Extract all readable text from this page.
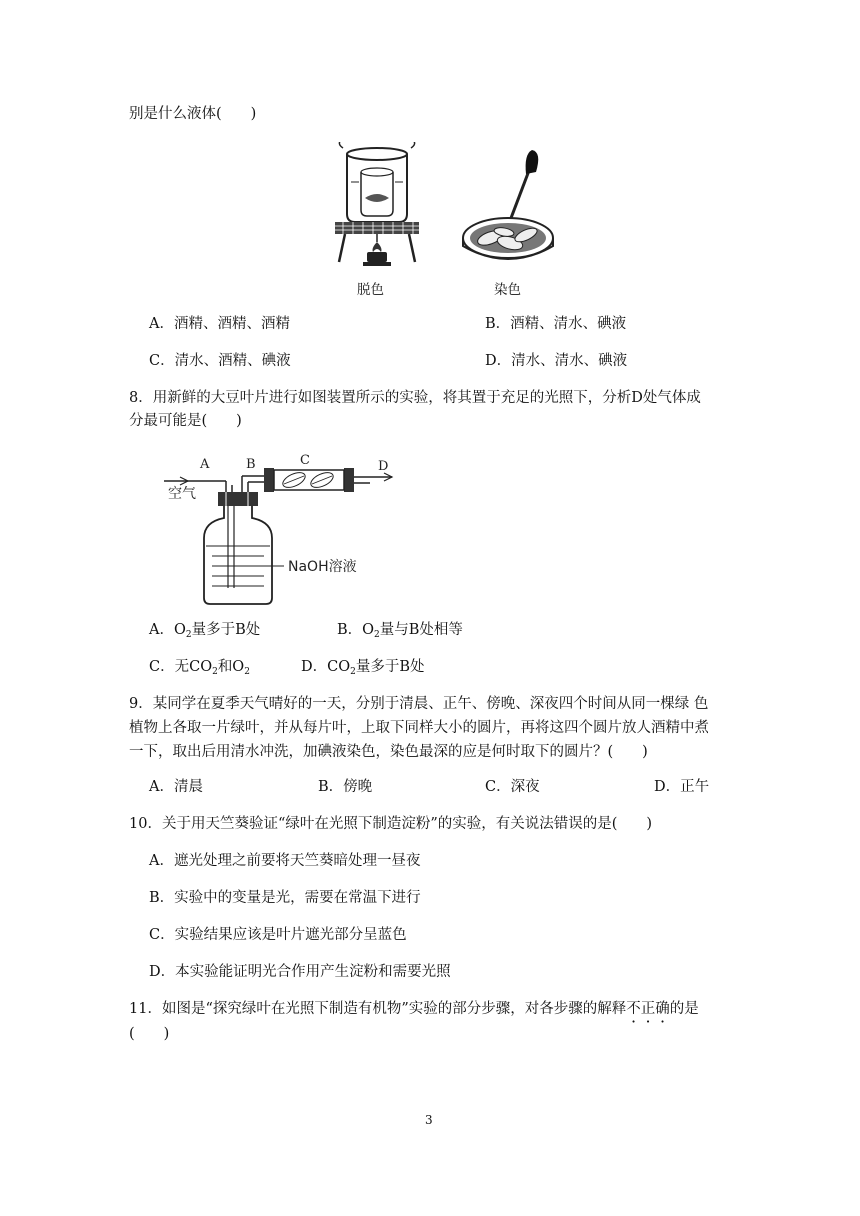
别是什么液体(　　)
脱色	染色
A．酒精、酒精、酒精	B．酒精、清水、碘液
C．清水、酒精、碘液	D．清水、清水、碘液
8．用新鲜的大豆叶片进行如图装置所示的实验，将其置于充足的光照下，分析D处气体成
分最可能是(　　)
A	B	C	D
空气
NaOH溶液
A．$O_2$量多于B处	B．$O_2$量与B处相等
C．无$CO_2$和$O_2$	D．$CO_2$量多于B处
9．某同学在夏季天气晴好的一天，分别于清晨、正午、傍晚、深夜四个时间从同一棵绿 色
植物上各取一片绿叶，并从每片叶，上取下同样大小的圆片，再将这四个圆片放人酒精中煮
一下，取出后用清水冲洗，加碘液染色，染色最深的应是何时取下的圆片？(　　)
A．清晨	B．傍晚	C．深夜	D．正午
10．关于用天竺葵验证“绿叶在光照下制造淀粉”的实验，有关说法错误的是(　　)
A．遮光处理之前要将天竺葵暗处理一昼夜
B．实验中的变量是光，需要在常温下进行
C．实验结果应该是叶片遮光部分呈蓝色
D．本实验能证明光合作用产生淀粉和需要光照
11．如图是“探究绿叶在光照下制造有机物”实验的部分步骤，对各步骤的解释不正确的是
(　　)
3
